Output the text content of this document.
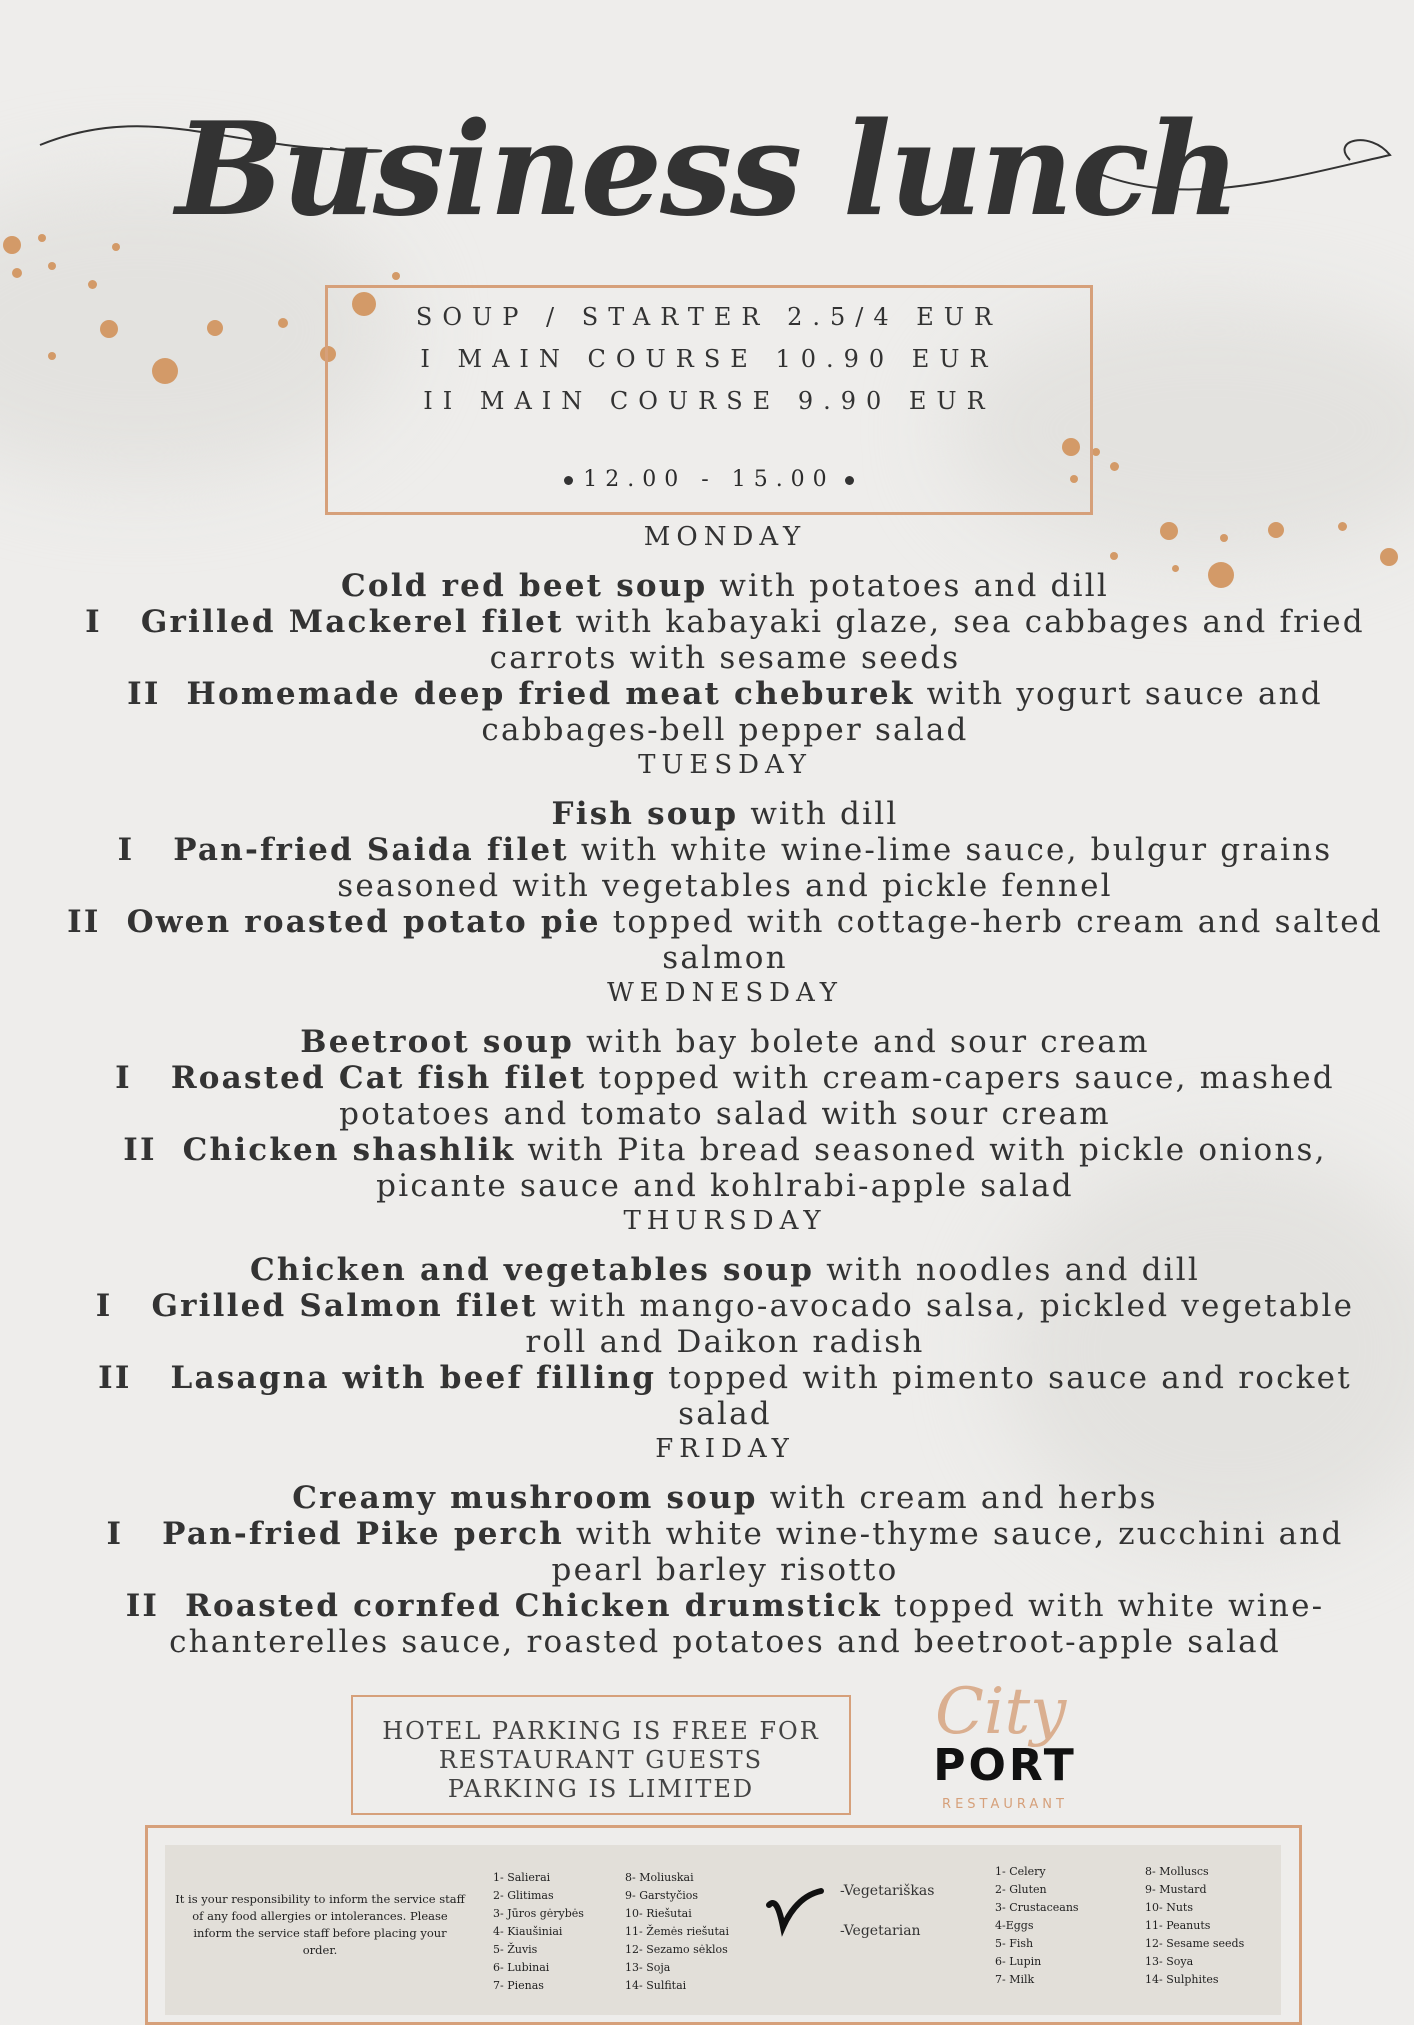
Business lunch
SOUP / STARTER 2.5/4 EUR
I MAIN COURSE 10.90 EUR
II MAIN COURSE 9.90 EUR
12.00 - 15.00
MONDAY
Cold red beet soup with potatoes and dill
I   Grilled Mackerel filet with kabayaki glaze, sea cabbages and fried carrots with sesame seeds
II  Homemade deep fried meat cheburek with yogurt sauce and cabbages-bell pepper salad
TUESDAY
Fish soup with dill
I   Pan-fried Saida filet with white wine-lime sauce, bulgur grains seasoned with vegetables and pickle fennel
II  Owen roasted potato pie topped with cottage-herb cream and salted salmon
WEDNESDAY
Beetroot soup with bay bolete and sour cream
I   Roasted Cat fish filet topped with cream-capers sauce, mashed potatoes and tomato salad with sour cream
II  Chicken shashlik with Pita bread seasoned with pickle onions, picante sauce and kohlrabi-apple salad
THURSDAY
Chicken and vegetables soup with noodles and dill
I   Grilled Salmon filet with mango-avocado salsa, pickled vegetable roll and Daikon radish
II   Lasagna with beef filling topped with pimento sauce and rocket salad
FRIDAY
Creamy mushroom soup with cream and herbs
I   Pan-fried Pike perch with white wine-thyme sauce, zucchini and pearl barley risotto
II  Roasted cornfed Chicken drumstick topped with white wine-chanterelles sauce, roasted potatoes and beetroot-apple salad
HOTEL PARKING IS FREE FOR
RESTAURANT GUESTS
PARKING IS LIMITED
City
PORT
RESTAURANT
It is your responsibility to inform the service staff of any food allergies or intolerances. Please inform the service staff before placing your order.
1- Salierai
2- Glitimas
3- Jūros gėrybės
4- Kiaušiniai
5- Žuvis
6- Lubinai
7- Pienas
8- Moliuskai
9- Garstyčios
10- Riešutai
11- Žemės riešutai
12- Sezamo sėklos
13- Soja
14- Sulfitai
-Vegetariškas
-Vegetarian
1- Celery
2- Gluten
3- Crustaceans
4-Eggs
5- Fish
6- Lupin
7- Milk
8- Molluscs
9- Mustard
10- Nuts
11- Peanuts
12- Sesame seeds
13- Soya
14- Sulphites
